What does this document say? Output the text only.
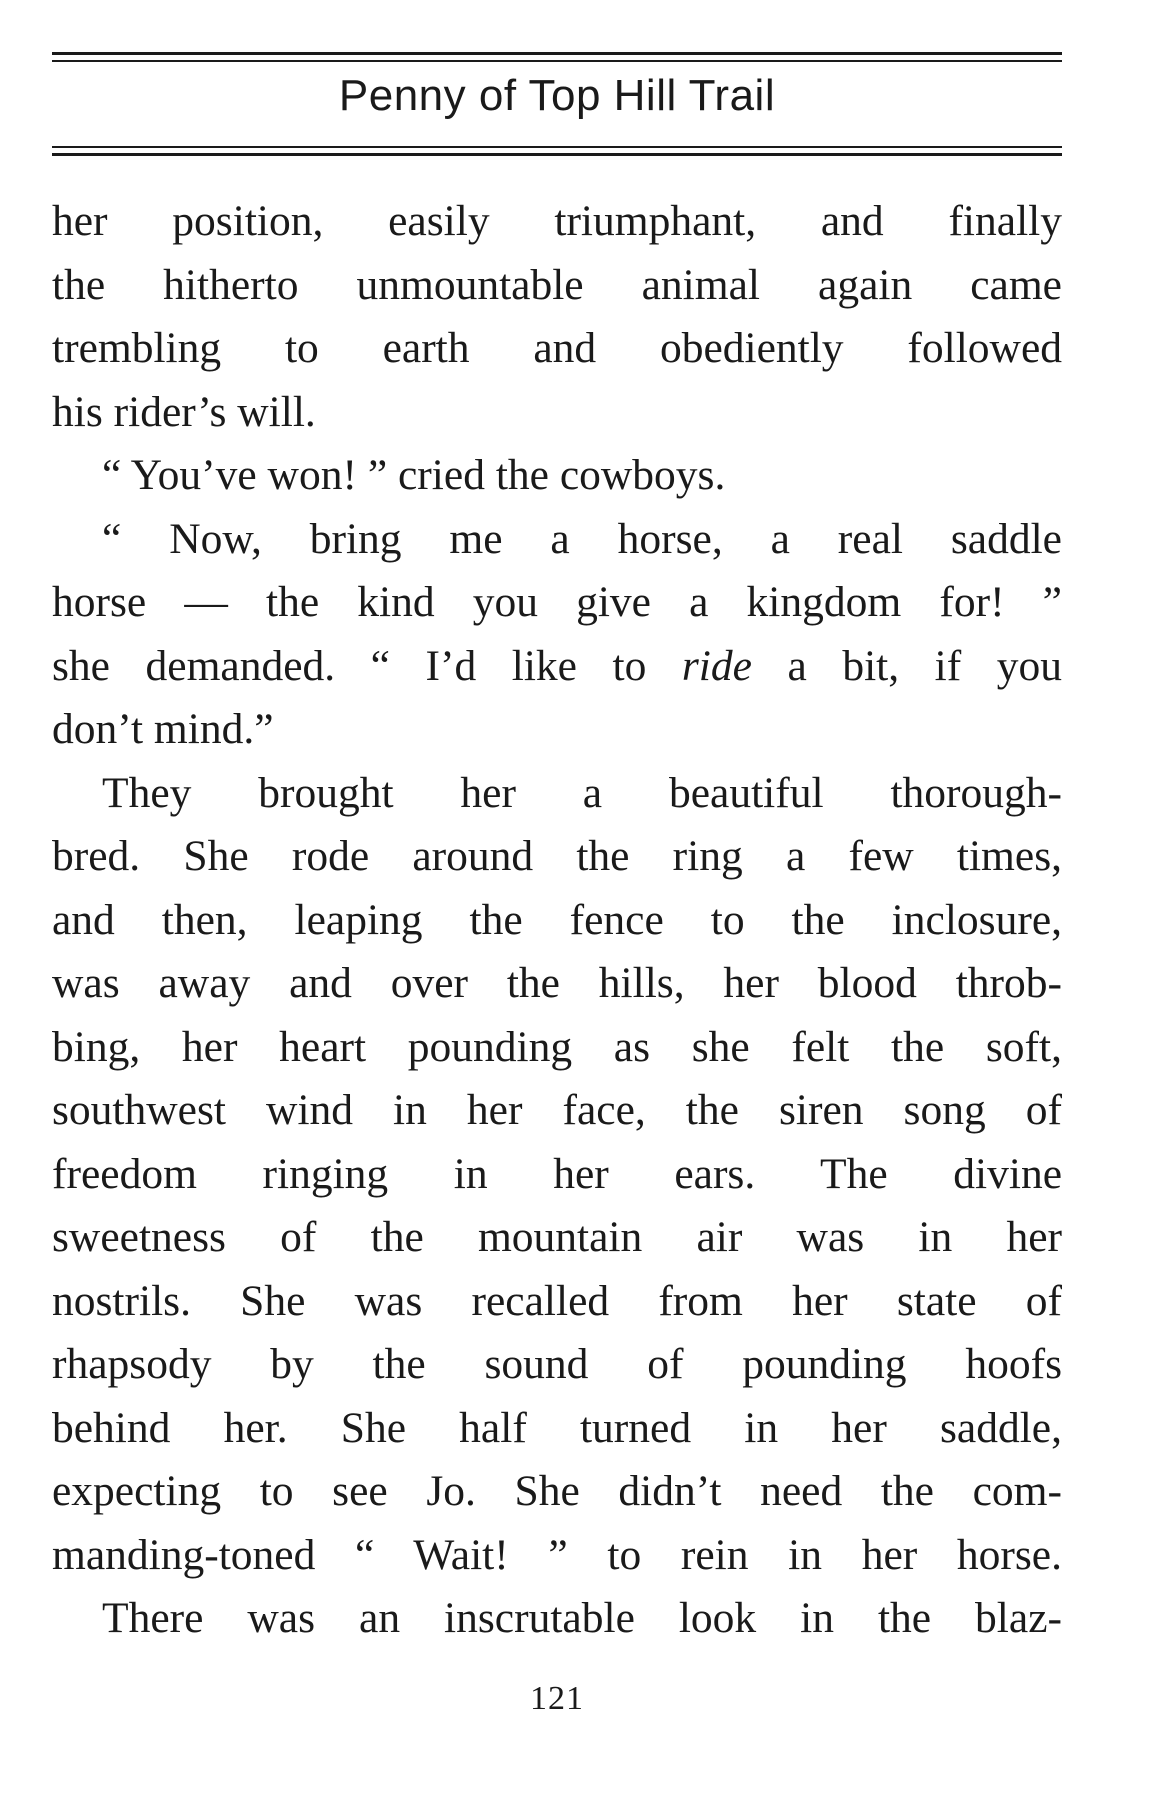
Penny of Top Hill Trail
her position, easily triumphant, and finally
the hitherto unmountable animal again came
trembling to earth and obediently followed
his rider’s will.
“ You’ve won! ” cried the cowboys.
“ Now, bring me a horse, a real saddle
horse — the kind you give a kingdom for! ”
she demanded. “ I’d like to ride a bit, if you
don’t mind.”
They brought her a beautiful thorough-
bred. She rode around the ring a few times,
and then, leaping the fence to the inclosure,
was away and over the hills, her blood throb-
bing, her heart pounding as she felt the soft,
southwest wind in her face, the siren song of
freedom ringing in her ears. The divine
sweetness of the mountain air was in her
nostrils. She was recalled from her state of
rhapsody by the sound of pounding hoofs
behind her. She half turned in her saddle,
expecting to see Jo. She didn’t need the com-
manding-toned “ Wait! ” to rein in her horse.
There was an inscrutable look in the blaz-
121
